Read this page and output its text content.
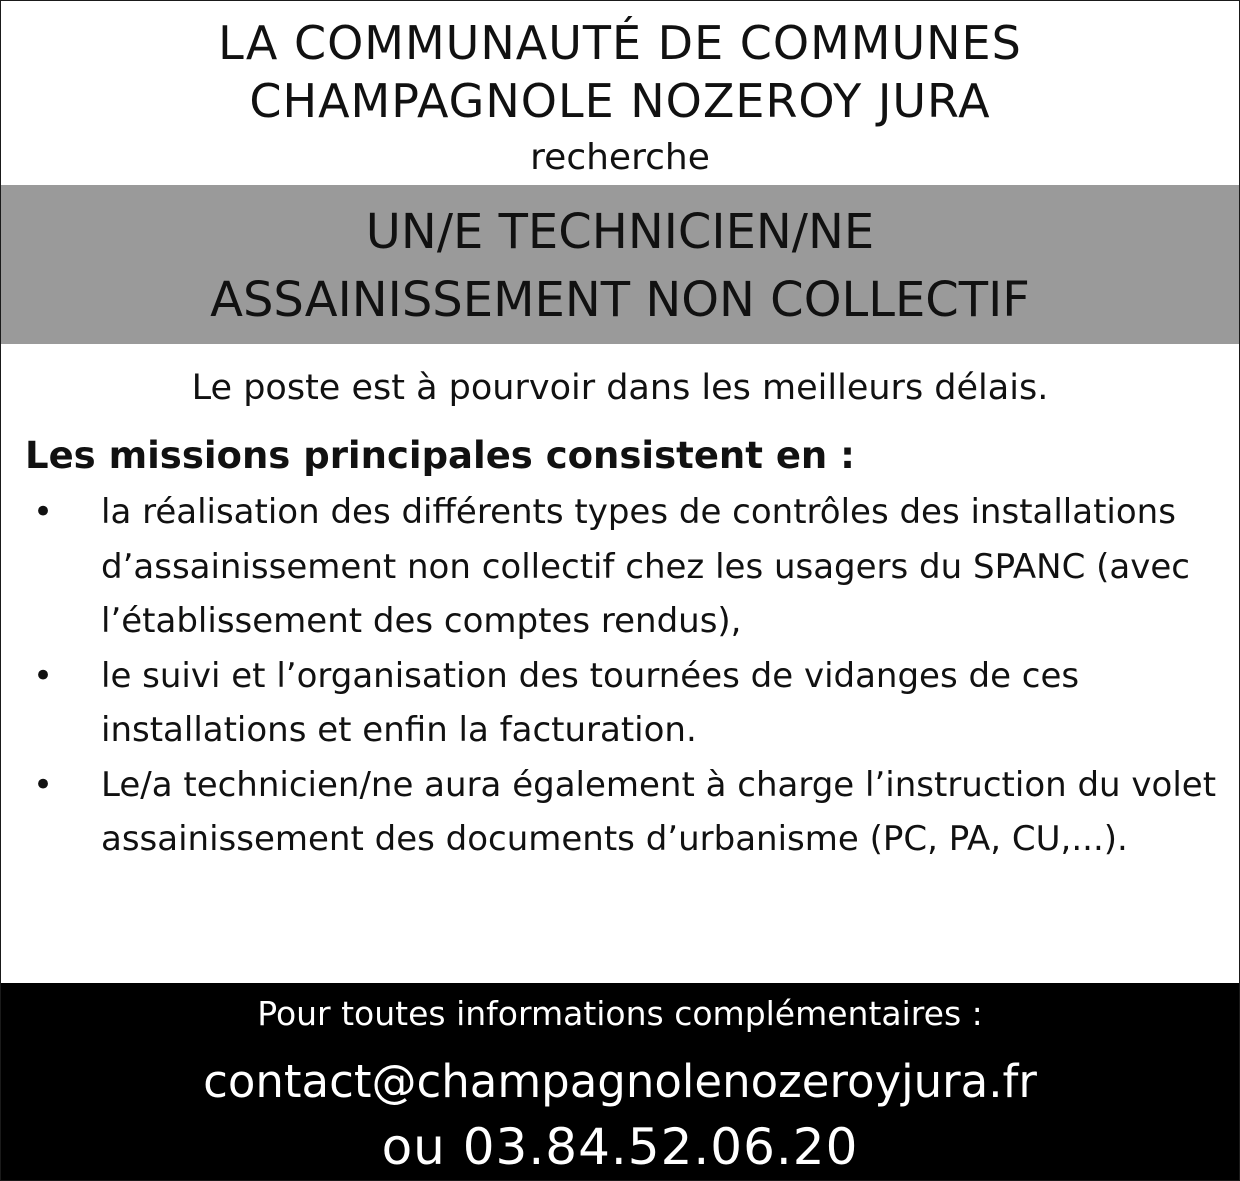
LA COMMUNAUTÉ DE COMMUNES
CHAMPAGNOLE NOZEROY JURA
recherche
UN/E TECHNICIEN/NE
ASSAINISSEMENT NON COLLECTIF
Le poste est à pourvoir dans les meilleurs délais.
Les missions principales consistent en :
• la réalisation des différents types de contrôles des installations d’assainissement non collectif chez les usagers du SPANC (avec l’établissement des comptes rendus),
• le suivi et l’organisation des tournées de vidanges de ces installations et enfin la facturation.
• Le/a technicien/ne aura également à charge l’instruction du volet assainissement des documents d’urbanisme (PC, PA, CU,...).
Pour toutes informations complémentaires :
contact@champagnolenozeroyjura.fr
ou 03.84.52.06.20
